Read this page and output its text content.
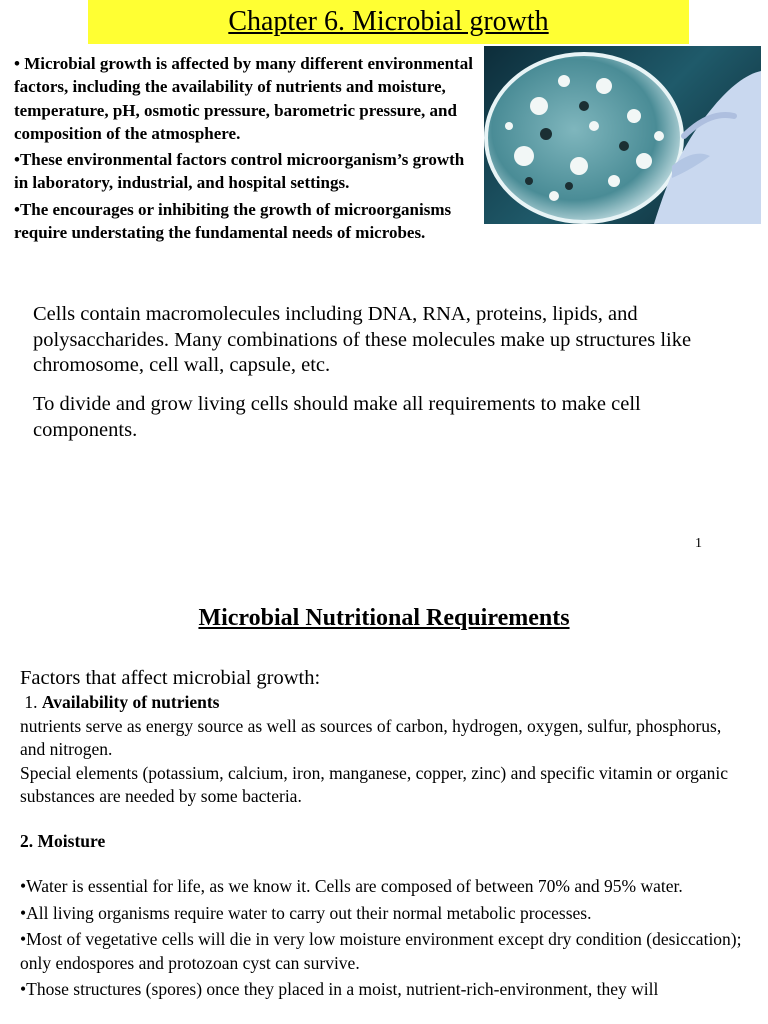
Chapter 6. Microbial growth

• Microbial growth is affected by many different environmental factors, including the availability of nutrients and moisture, temperature, pH, osmotic pressure, barometric pressure, and composition of the atmosphere.

•These environmental factors control microorganism’s growth in laboratory, industrial, and hospital settings.

•The encourages or inhibiting the growth of microorganisms require understating the fundamental needs of microbes.

Cells contain macromolecules including DNA, RNA, proteins, lipids, and polysaccharides. Many combinations of these molecules make up structures like chromosome, cell wall, capsule, etc.

To divide and grow living cells should make all requirements to make cell components.

1
Microbial Nutritional Requirements

Factors that affect microbial growth:

1. Availability of nutrients

nutrients serve as energy source as well as sources of carbon, hydrogen, oxygen, sulfur, phosphorus, and nitrogen.

Special elements (potassium, calcium, iron, manganese, copper, zinc) and specific vitamin or organic substances are needed by some bacteria.

2. Moisture

•Water is essential for life, as we know it. Cells are composed of between 70% and 95% water.

•All living organisms require water to carry out their normal metabolic processes.

•Most of vegetative cells will die in very low moisture environment except dry condition (desiccation); only endospores and protozoan cyst can survive.

•Those structures (spores) once they placed in a moist, nutrient-rich-environment, they will
